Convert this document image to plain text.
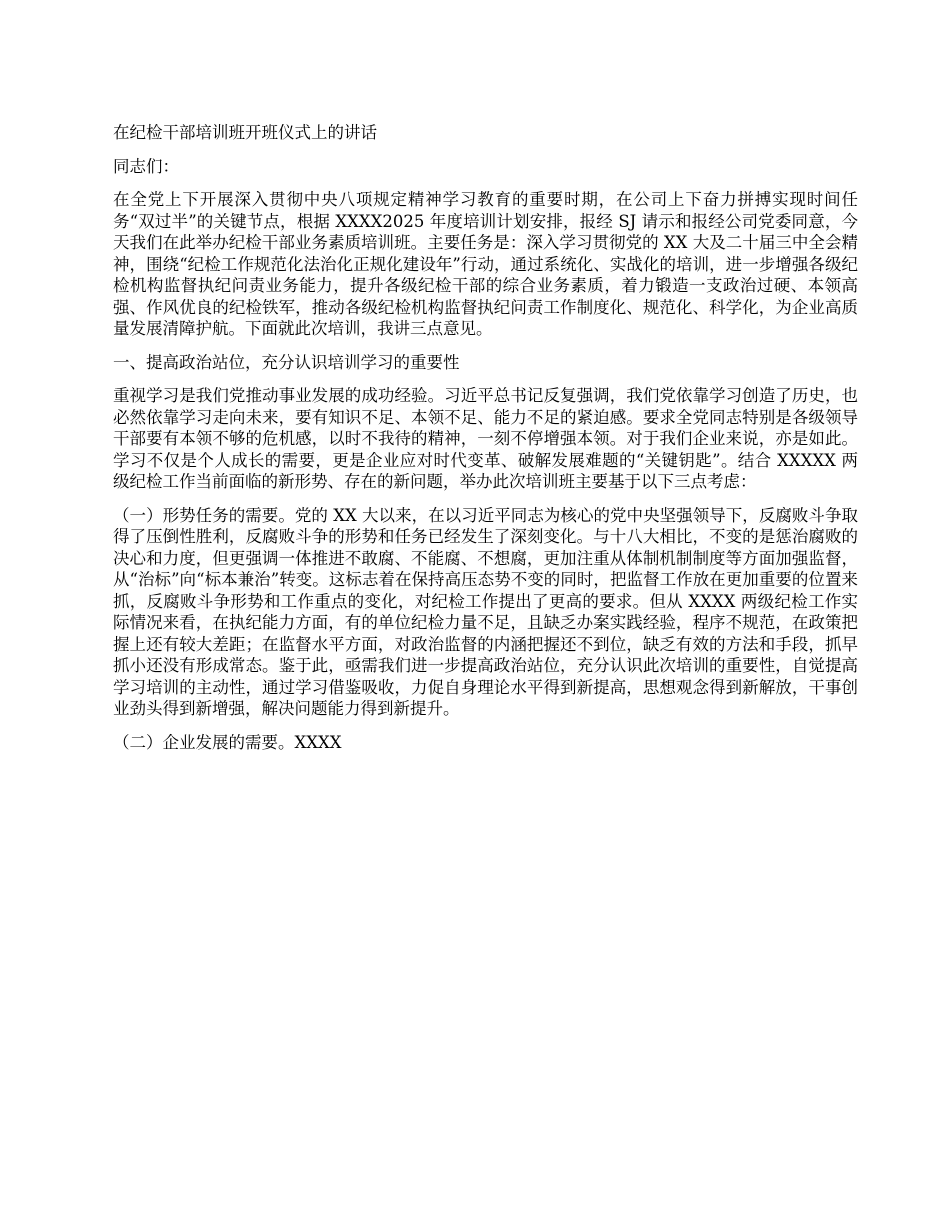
在纪检干部培训班开班仪式上的讲话

同志们：

在全党上下开展深入贯彻中央八项规定精神学习教育的重要时期，在公司上下奋力拼搏实现时间任务“双过半”的关键节点，根据 XXXX2025 年度培训计划安排，报经 SJ 请示和报经公司党委同意，今天我们在此举办纪检干部业务素质培训班。主要任务是：深入学习贯彻党的 XX 大及二十届三中全会精神，围绕“纪检工作规范化法治化正规化建设年”行动，通过系统化、实战化的培训，进一步增强各级纪检机构监督执纪问责业务能力，提升各级纪检干部的综合业务素质，着力锻造一支政治过硬、本领高强、作风优良的纪检铁军，推动各级纪检机构监督执纪问责工作制度化、规范化、科学化，为企业高质量发展清障护航。下面就此次培训，我讲三点意见。

一、提高政治站位，充分认识培训学习的重要性

重视学习是我们党推动事业发展的成功经验。习近平总书记反复强调，我们党依靠学习创造了历史，也必然依靠学习走向未来，要有知识不足、本领不足、能力不足的紧迫感。要求全党同志特别是各级领导干部要有本领不够的危机感，以时不我待的精神，一刻不停增强本领。对于我们企业来说，亦是如此。学习不仅是个人成长的需要，更是企业应对时代变革、破解发展难题的“关键钥匙”。结合 XXXXX 两级纪检工作当前面临的新形势、存在的新问题，举办此次培训班主要基于以下三点考虑：

（一）形势任务的需要。党的 XX 大以来，在以习近平同志为核心的党中央坚强领导下，反腐败斗争取得了压倒性胜利，反腐败斗争的形势和任务已经发生了深刻变化。与十八大相比，不变的是惩治腐败的决心和力度，但更强调一体推进不敢腐、不能腐、不想腐，更加注重从体制机制制度等方面加强监督，从“治标”向“标本兼治”转变。这标志着在保持高压态势不变的同时，把监督工作放在更加重要的位置来抓，反腐败斗争形势和工作重点的变化，对纪检工作提出了更高的要求。但从 XXXX 两级纪检工作实际情况来看，在执纪能力方面，有的单位纪检力量不足，且缺乏办案实践经验，程序不规范，在政策把握上还有较大差距；在监督水平方面，对政治监督的内涵把握还不到位，缺乏有效的方法和手段，抓早抓小还没有形成常态。鉴于此，亟需我们进一步提高政治站位，充分认识此次培训的重要性，自觉提高学习培训的主动性，通过学习借鉴吸收，力促自身理论水平得到新提高，思想观念得到新解放，干事创业劲头得到新增强，解决问题能力得到新提升。

（二）企业发展的需要。XXXX
